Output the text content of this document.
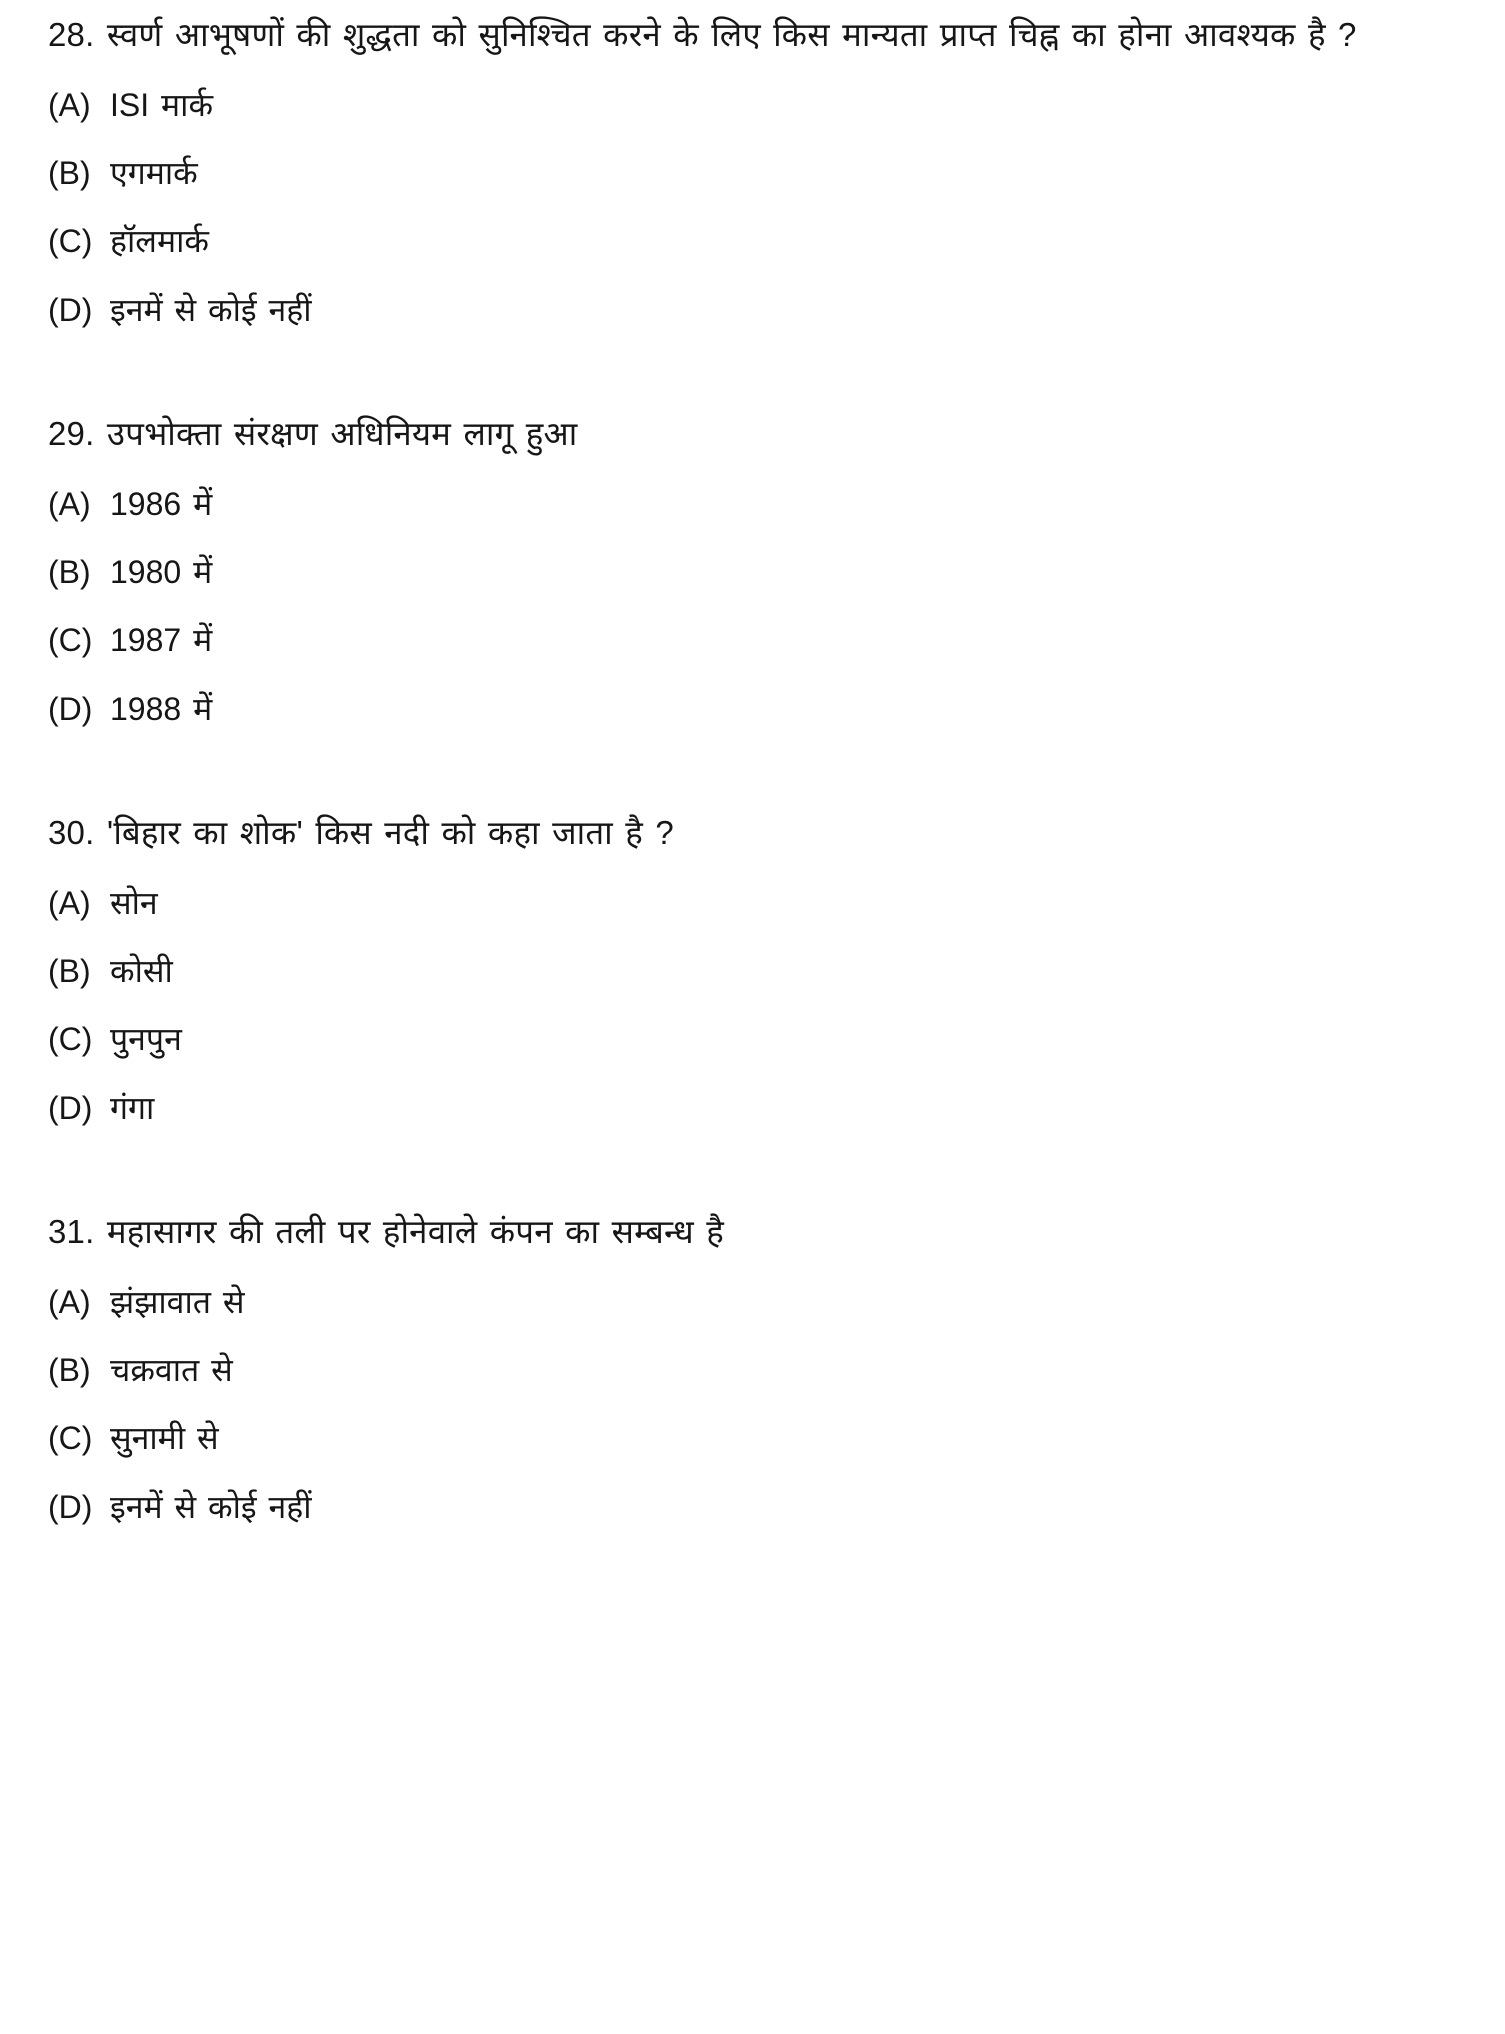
28. स्वर्ण आभूषणों की शुद्धता को सुनिश्चित करने के लिए किस मान्यता प्राप्त चिह्न का होना आवश्यक है ?

(A) ISI मार्क
(B) एगमार्क
(C) हॉलमार्क
(D) इनमें से कोई नहीं

29. उपभोक्ता संरक्षण अधिनियम लागू हुआ

(A) 1986 में
(B) 1980 में
(C) 1987 में
(D) 1988 में

30. 'बिहार का शोक' किस नदी को कहा जाता है ?

(A) सोन
(B) कोसी
(C) पुनपुन
(D) गंगा

31. महासागर की तली पर होनेवाले कंपन का सम्बन्ध है

(A) झंझावात से
(B) चक्रवात से
(C) सुनामी से
(D) इनमें से कोई नहीं
